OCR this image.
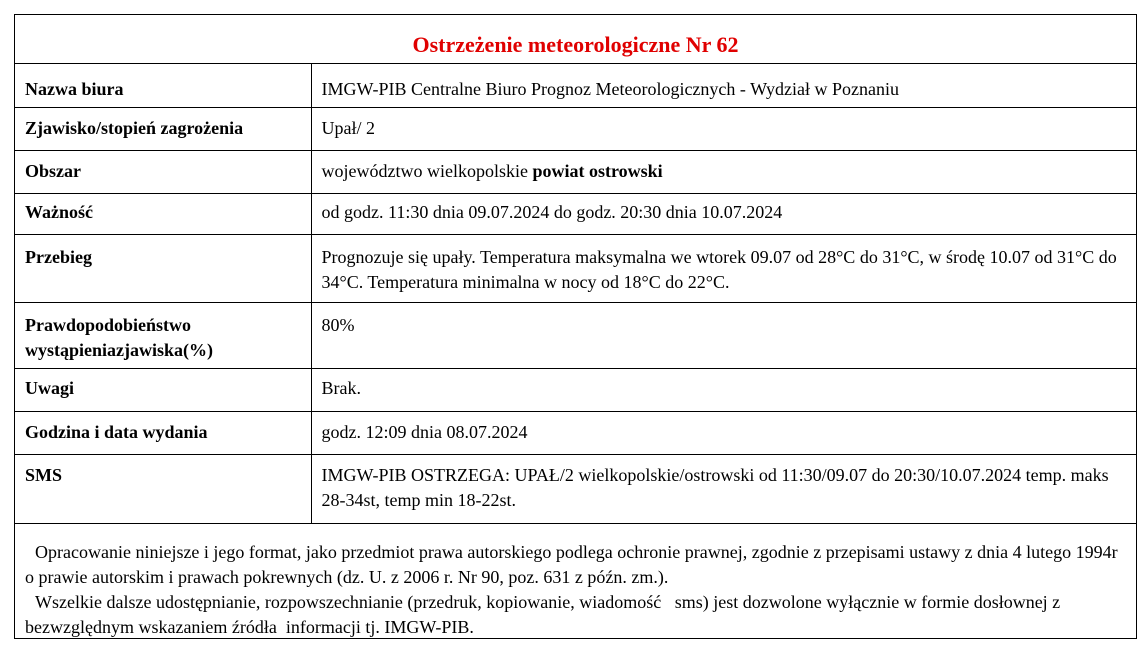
Ostrzeżenie meteorologiczne Nr 62
Nazwa biura	IMGW-PIB Centralne Biuro Prognoz Meteorologicznych - Wydział w Poznaniu
Zjawisko/stopień zagrożenia	Upał/ 2
Obszar	województwo wielkopolskie powiat ostrowski
Ważność	od godz. 11:30 dnia 09.07.2024 do godz. 20:30 dnia 10.07.2024
Przebieg	Prognozuje się upały. Temperatura maksymalna we wtorek 09.07 od 28°C do 31°C, w środę 10.07 od 31°C do 34°C. Temperatura minimalna w nocy od 18°C do 22°C.
Prawdopodobieństwo wystąpieniazjawiska(%)	80%
Uwagi	Brak.
Godzina i data wydania	godz. 12:09 dnia 08.07.2024
SMS	IMGW-PIB OSTRZEGA: UPAŁ/2 wielkopolskie/ostrowski od 11:30/09.07 do 20:30/10.07.2024 temp. maks 28-34st, temp min 18-22st.

Opracowanie niniejsze i jego format, jako przedmiot prawa autorskiego podlega ochronie prawnej, zgodnie z przepisami ustawy z dnia 4 lutego 1994r o prawie autorskim i prawach pokrewnych (dz. U. z 2006 r. Nr 90, poz. 631 z późn. zm.).

Wszelkie dalsze udostępnianie, rozpowszechnianie (przedruk, kopiowanie, wiadomość   sms) jest dozwolone wyłącznie w formie dosłownej z bezwzględnym wskazaniem źródła  informacji tj. IMGW-PIB.
